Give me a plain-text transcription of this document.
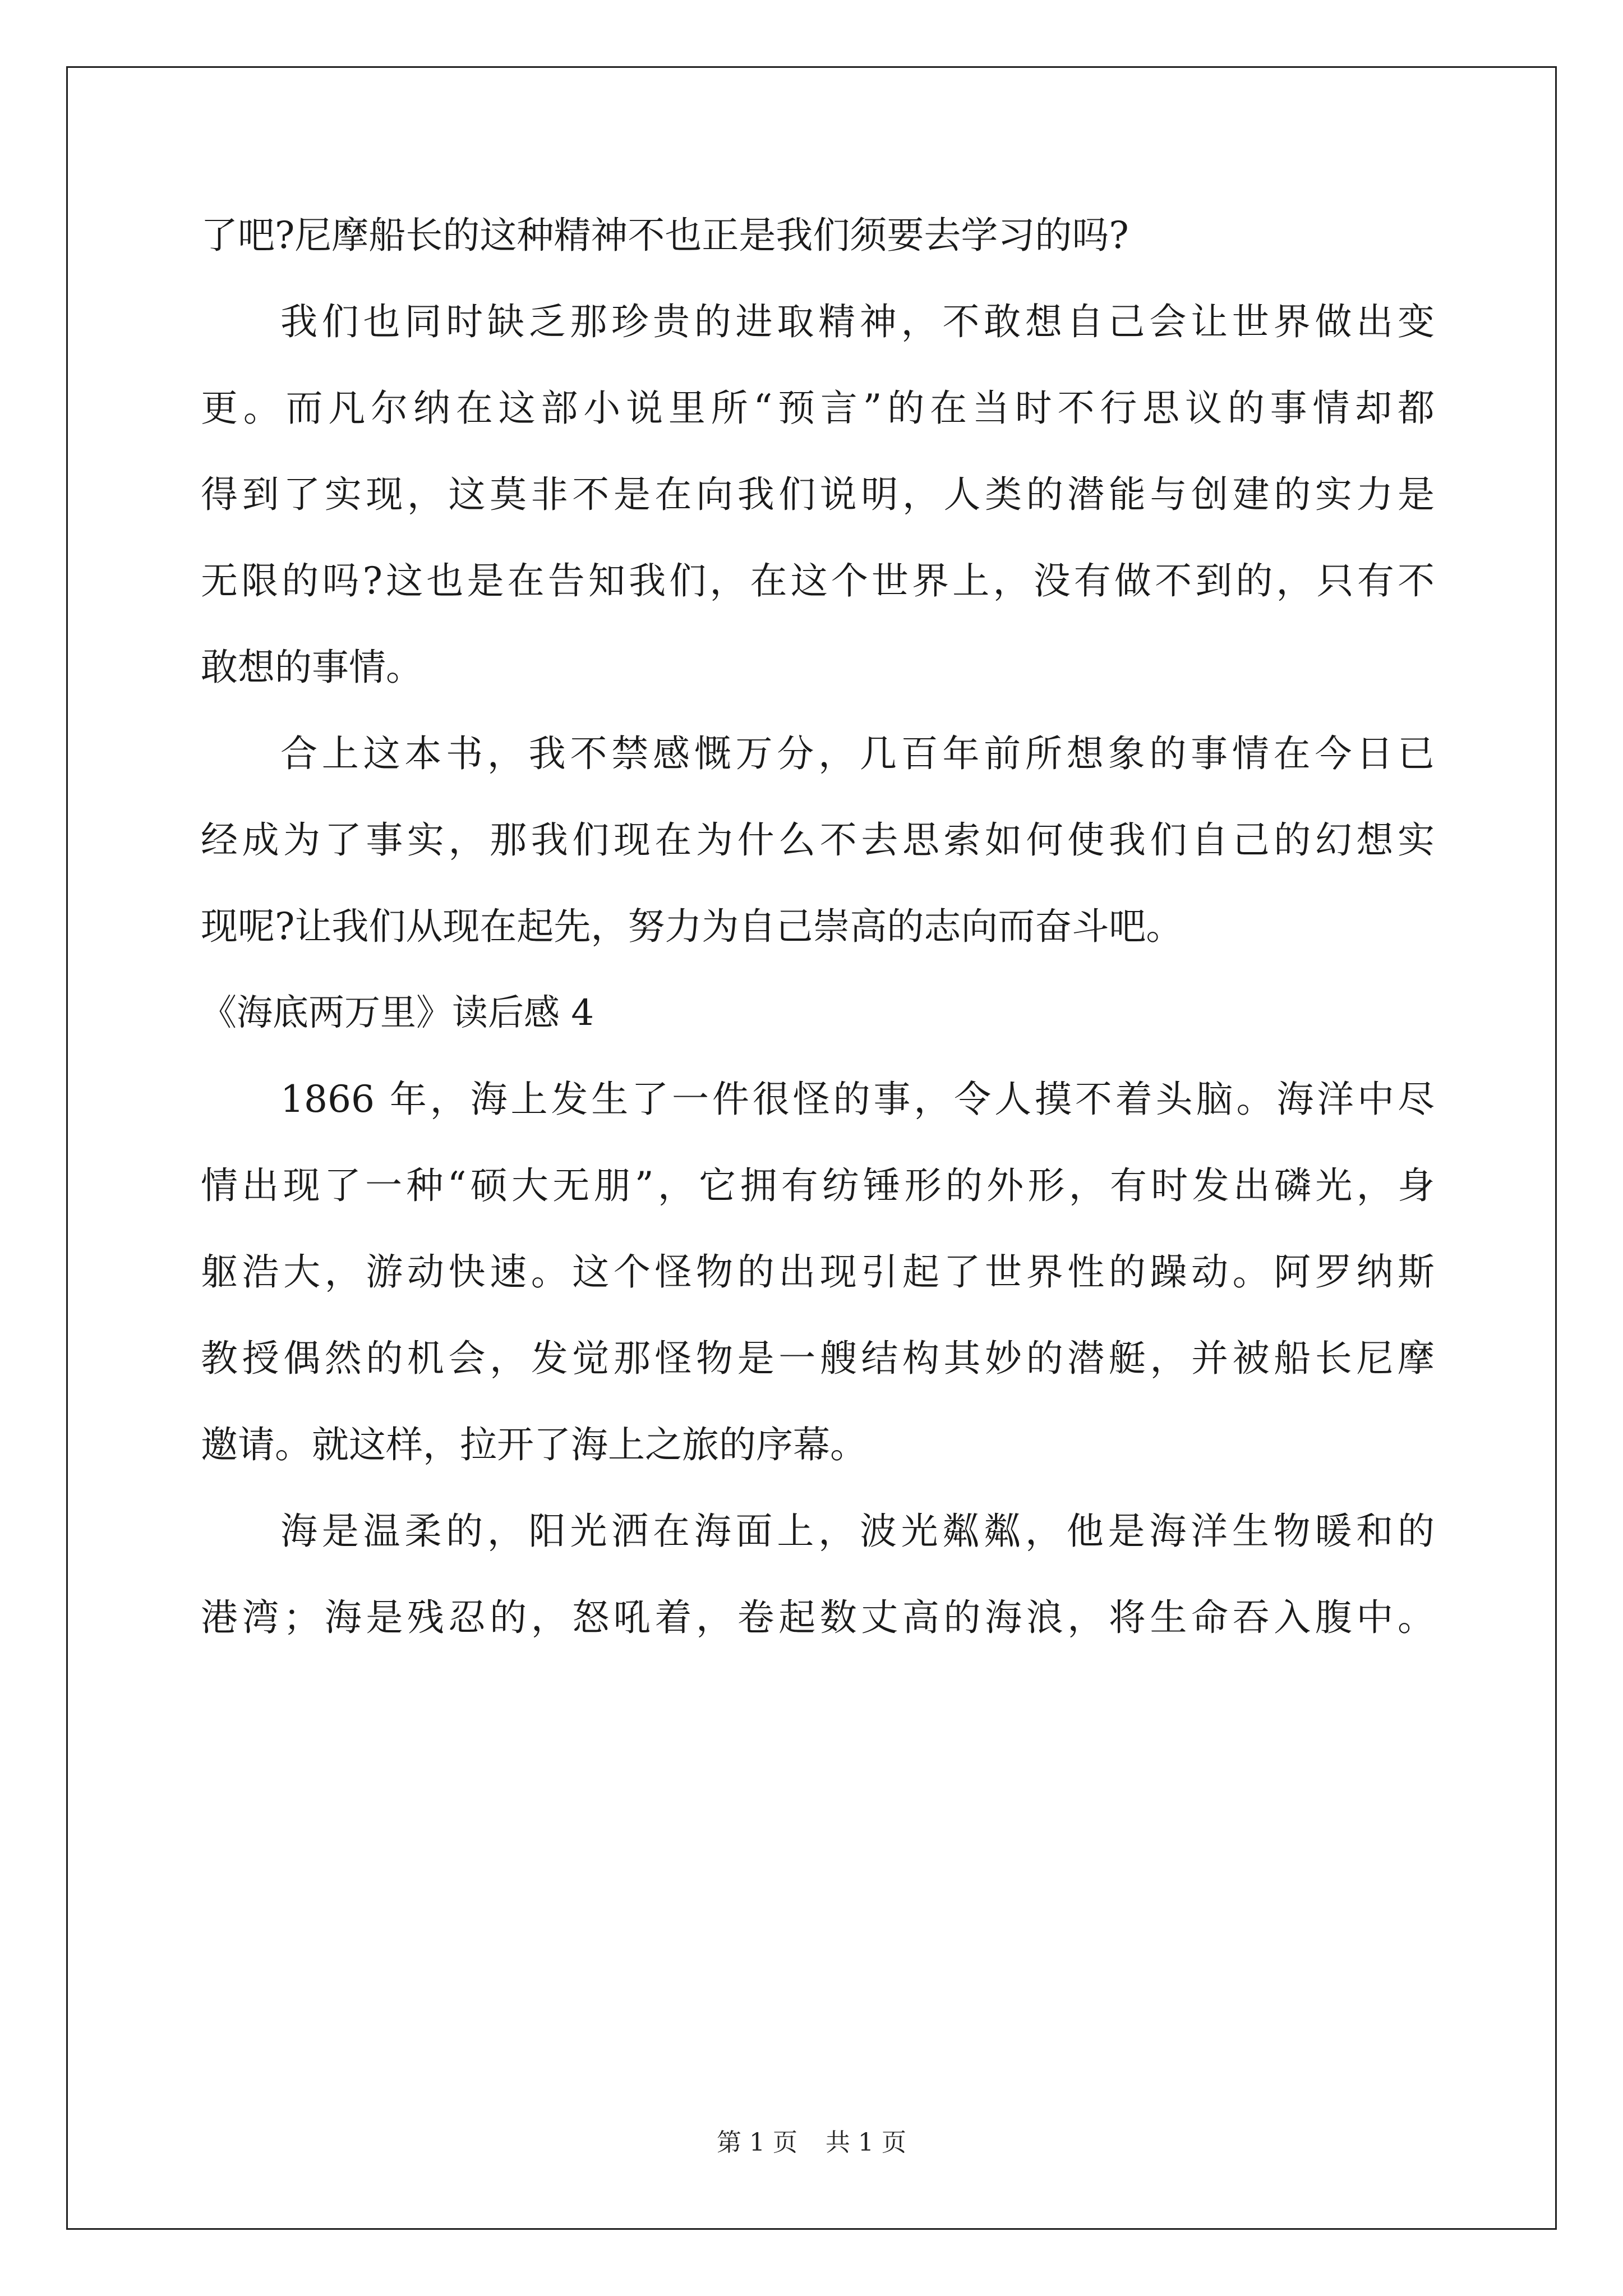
了吧?尼摩船长的这种精神不也正是我们须要去学习的吗?
我们也同时缺乏那珍贵的进取精神，不敢想自己会让世界做出变
更。而凡尔纳在这部小说里所“预言”的在当时不行思议的事情却都
得到了实现，这莫非不是在向我们说明，人类的潜能与创建的实力是
无限的吗?这也是在告知我们，在这个世界上，没有做不到的，只有不
敢想的事情。
合上这本书，我不禁感慨万分，几百年前所想象的事情在今日已
经成为了事实，那我们现在为什么不去思索如何使我们自己的幻想实
现呢?让我们从现在起先，努力为自己崇高的志向而奋斗吧。
《海底两万里》读后感 4
1866 年，海上发生了一件很怪的事，令人摸不着头脑。海洋中尽
情出现了一种“硕大无朋”，它拥有纺锤形的外形，有时发出磷光，身
躯浩大，游动快速。这个怪物的出现引起了世界性的躁动。阿罗纳斯
教授偶然的机会，发觉那怪物是一艘结构其妙的潜艇，并被船长尼摩
邀请。就这样，拉开了海上之旅的序幕。
海是温柔的，阳光洒在海面上，波光粼粼，他是海洋生物暖和的
港湾；海是残忍的，怒吼着，卷起数丈高的海浪，将生命吞入腹中。
第 1 页 共 1 页
